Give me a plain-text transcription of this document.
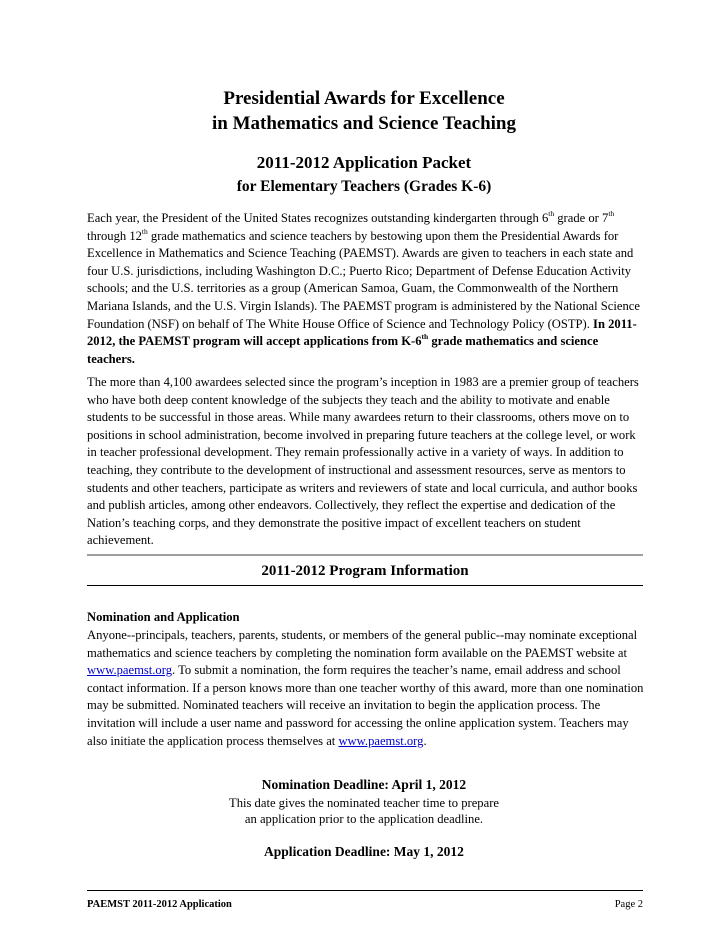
Presidential Awards for Excellence
in Mathematics and Science Teaching
2011-2012 Application Packet
for Elementary Teachers (Grades K-6)

Each year, the President of the United States recognizes outstanding kindergarten through 6th grade or 7th through 12th grade mathematics and science teachers by bestowing upon them the Presidential Awards for Excellence in Mathematics and Science Teaching (PAEMST). Awards are given to teachers in each state and four U.S. jurisdictions, including Washington D.C.; Puerto Rico; Department of Defense Education Activity schools; and the U.S. territories as a group (American Samoa, Guam, the Commonwealth of the Northern Mariana Islands, and the U.S. Virgin Islands). The PAEMST program is administered by the National Science Foundation (NSF) on behalf of The White House Office of Science and Technology Policy (OSTP). In 2011-2012, the PAEMST program will accept applications from K-6th grade mathematics and science teachers.

The more than 4,100 awardees selected since the program’s inception in 1983 are a premier group of teachers who have both deep content knowledge of the subjects they teach and the ability to motivate and enable students to be successful in those areas. While many awardees return to their classrooms, others move on to positions in school administration, become involved in preparing future teachers at the college level, or work in teacher professional development. They remain professionally active in a variety of ways. In addition to teaching, they contribute to the development of instructional and assessment resources, serve as mentors to students and other teachers, participate as writers and reviewers of state and local curricula, and author books and publish articles, among other endeavors. Collectively, they reflect the expertise and dedication of the Nation’s teaching corps, and they demonstrate the positive impact of excellent teachers on student achievement.

2011-2012 Program Information
Nomination and Application

Anyone--principals, teachers, parents, students, or members of the general public--may nominate exceptional mathematics and science teachers by completing the nomination form available on the PAEMST website at www.paemst.org. To submit a nomination, the form requires the teacher’s name, email address and school contact information. If a person knows more than one teacher worthy of this award, more than one nomination may be submitted. Nominated teachers will receive an invitation to begin the application process. The invitation will include a user name and password for accessing the online application system. Teachers may also initiate the application process themselves at www.paemst.org.

Nomination Deadline: April 1, 2012
This date gives the nominated teacher time to prepare
an application prior to the application deadline.
Application Deadline: May 1, 2012
PAEMST 2011-2012 Application	Page 2
